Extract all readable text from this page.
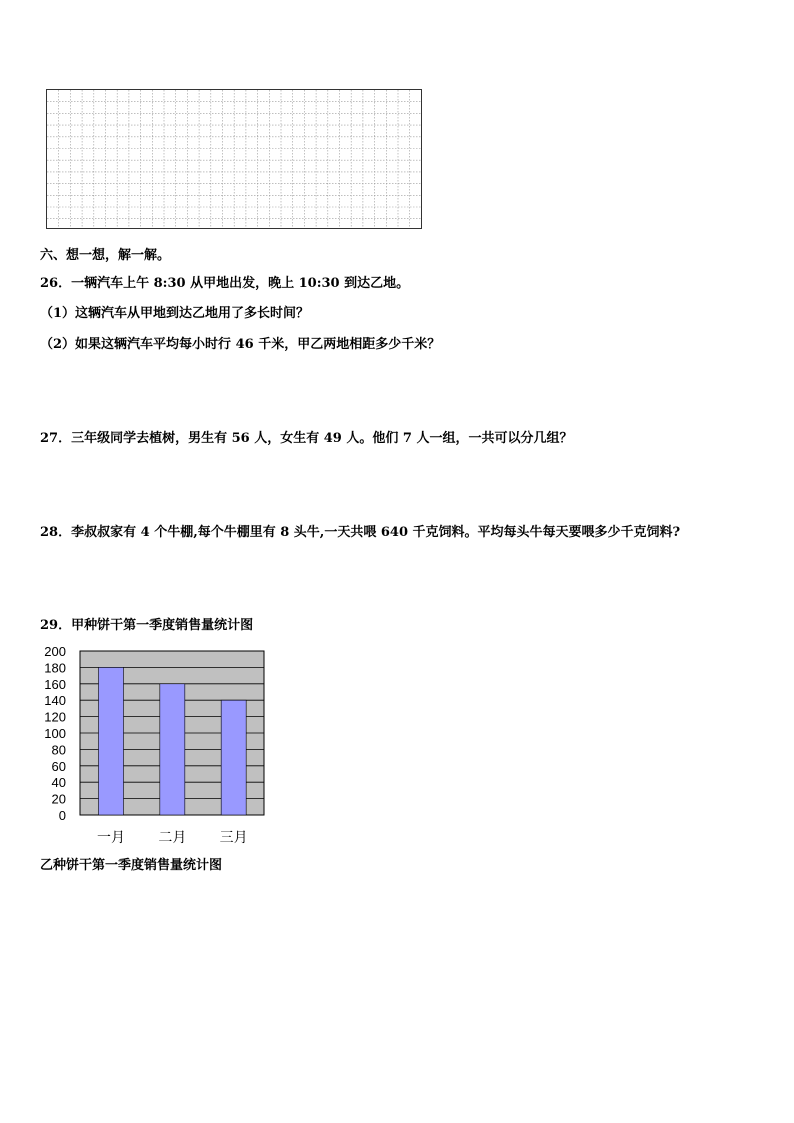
六、想一想，解一解。
26．一辆汽车上午 8:30 从甲地出发，晚上 10:30 到达乙地。
（1）这辆汽车从甲地到达乙地用了多长时间？
（2）如果这辆汽车平均每小时行 46 千米，甲乙两地相距多少千米？
27．三年级同学去植树，男生有 56 人，女生有 49 人。他们 7 人一组，一共可以分几组？
28．李叔叔家有 4 个牛棚,每个牛棚里有 8 头牛,一天共喂 640 千克饲料。平均每头牛每天要喂多少千克饲料?
29．甲种饼干第一季度销售量统计图
0
20
40
60
80
100
120
140
160
180
200
一月 二月 三月
乙种饼干第一季度销售量统计图
